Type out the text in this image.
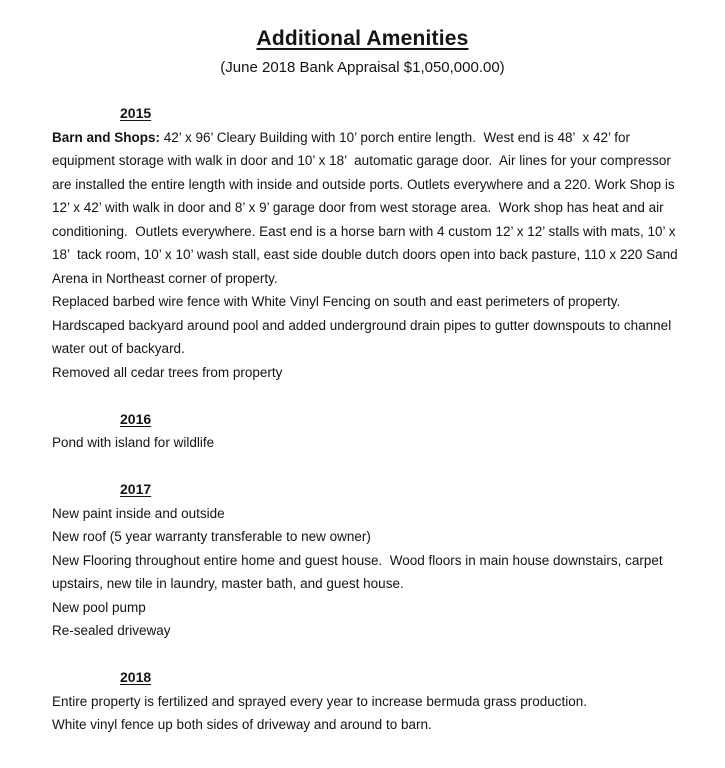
Additional Amenities
(June 2018 Bank Appraisal $1,050,000.00)
2015
Barn and Shops: 42’ x 96’ Cleary Building with 10’ porch entire length.  West end is 48’  x 42’ for
equipment storage with walk in door and 10’ x 18’  automatic garage door.  Air lines for your compressor
are installed the entire length with inside and outside ports. Outlets everywhere and a 220. Work Shop is
12’ x 42’ with walk in door and 8’ x 9’ garage door from west storage area.  Work shop has heat and air
conditioning.  Outlets everywhere. East end is a horse barn with 4 custom 12’ x 12’ stalls with mats, 10’ x
18’  tack room, 10’ x 10’ wash stall, east side double dutch doors open into back pasture, 110 x 220 Sand
Arena in Northeast corner of property.
Replaced barbed wire fence with White Vinyl Fencing on south and east perimeters of property.
Hardscaped backyard around pool and added underground drain pipes to gutter downspouts to channel
water out of backyard.
Removed all cedar trees from property
2016
Pond with island for wildlife
2017
New paint inside and outside
New roof (5 year warranty transferable to new owner)
New Flooring throughout entire home and guest house.  Wood floors in main house downstairs, carpet
upstairs, new tile in laundry, master bath, and guest house.
New pool pump
Re-sealed driveway
2018
Entire property is fertilized and sprayed every year to increase bermuda grass production.
White vinyl fence up both sides of driveway and around to barn.
